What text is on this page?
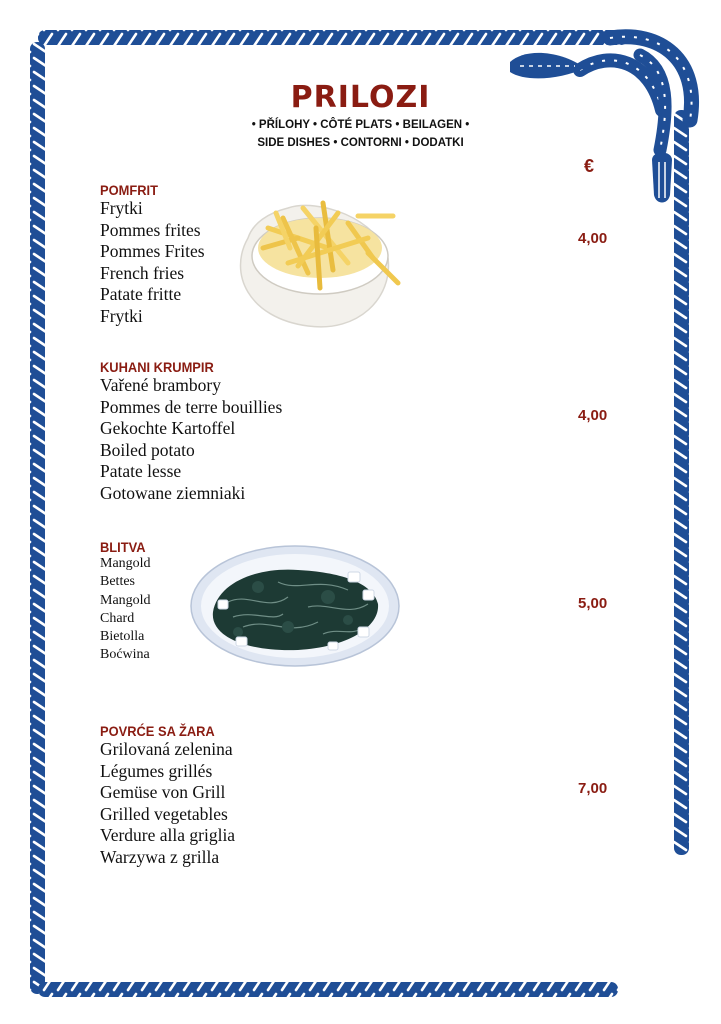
PRILOZI
• PŘÍLOHY • CÔTÉ PLATS • BEILAGEN •
SIDE DISHES • CONTORNI • DODATKI
€
POMFRIT
Frytki
Pommes frites
Pommes Frites
French fries
Patate fritte
Frytki
4,00
KUHANI KRUMPIR
Vařené brambory
Pommes de terre bouillies
Gekochte Kartoffel
Boiled potato
Patate lesse
Gotowane ziemniaki
4,00
BLITVA
Mangold
Bettes
Mangold
Chard
Bietolla
Boćwina
5,00
POVRĆE SA ŽARA
Grilovaná zelenina
Légumes grillés
Gemüse von Grill
Grilled vegetables
Verdure alla griglia
Warzywa z grilla
7,00
